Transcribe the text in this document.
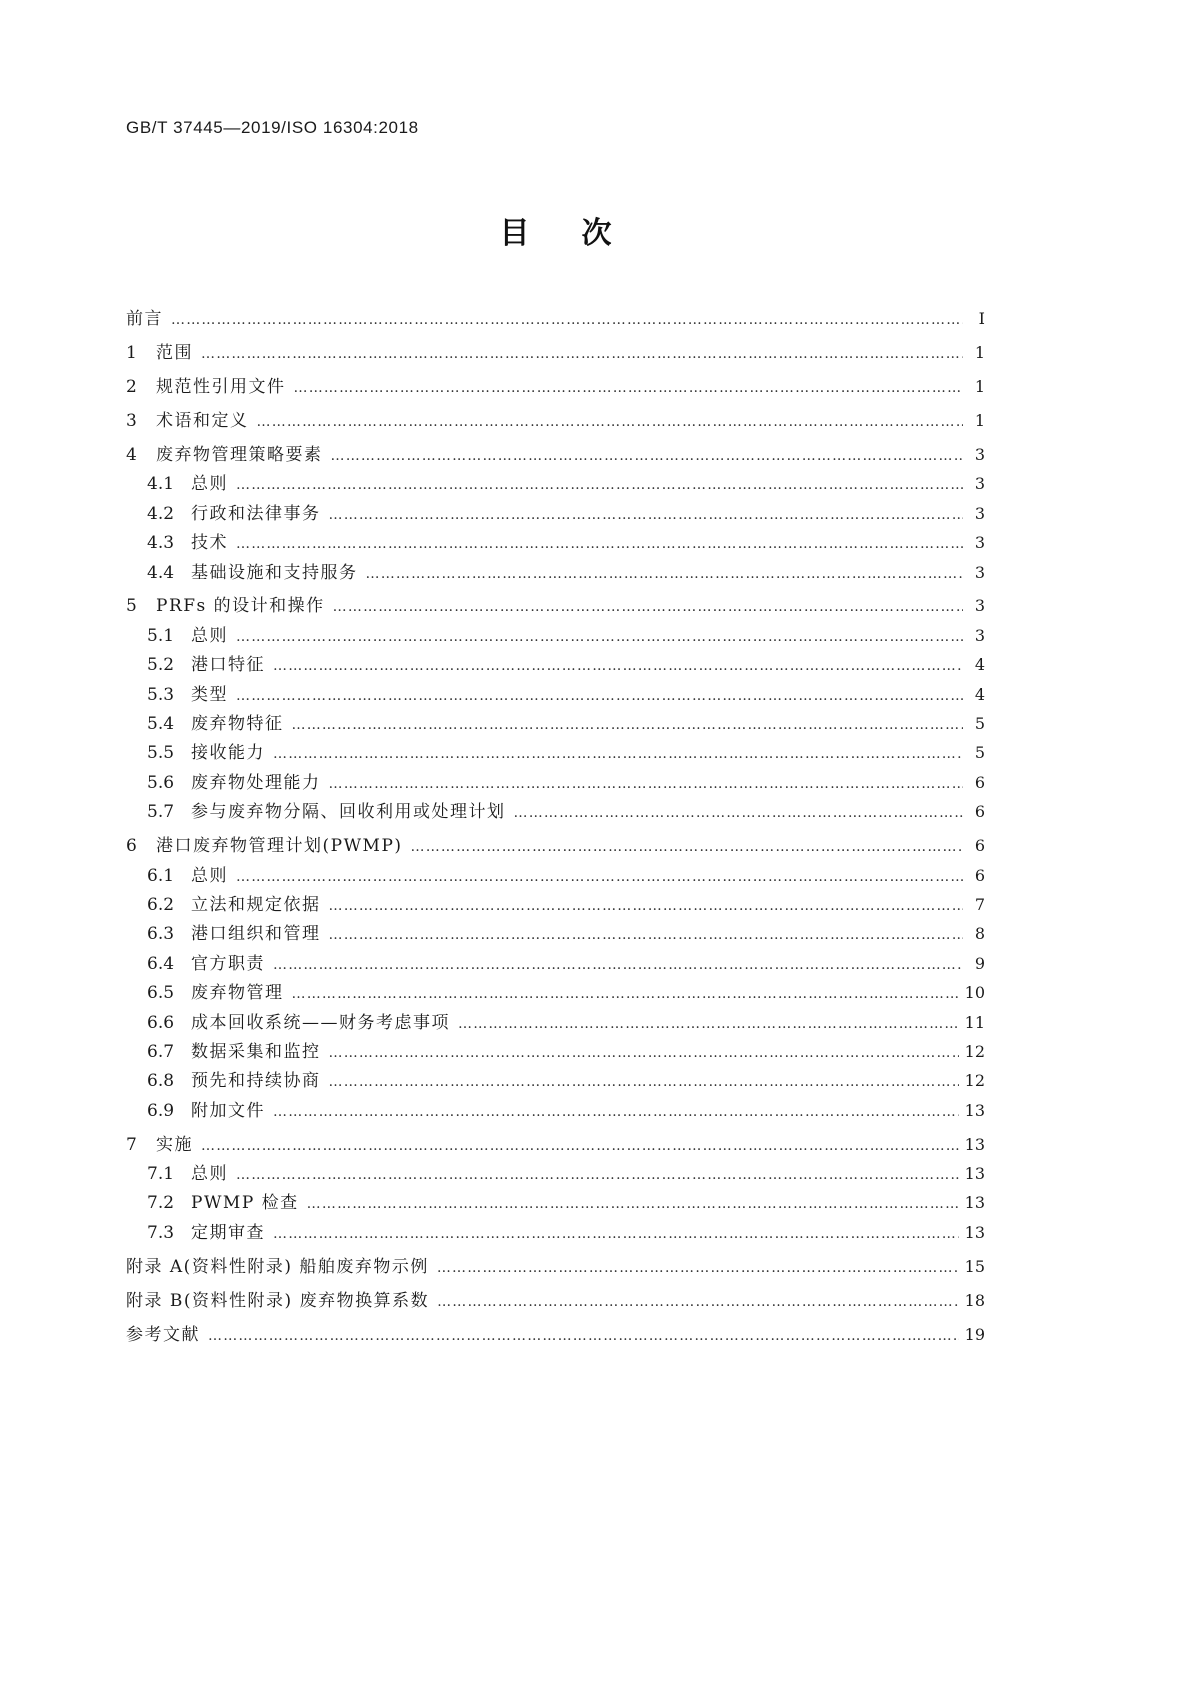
GB/T 37445—2019/ISO 16304:2018
目 次
前言 …………………………………………………………………………………………………………………………………………………………………………………………………………………………………………………………………………	Ⅰ
1	范围 …………………………………………………………………………………………………………………………………………………………………………………………………………………………………………………………………………	1
2	规范性引用文件 …………………………………………………………………………………………………………………………………………………………………………………………………………………………………………………………………………	1
3	术语和定义 …………………………………………………………………………………………………………………………………………………………………………………………………………………………………………………………………………	1
4	废弃物管理策略要素 …………………………………………………………………………………………………………………………………………………………………………………………………………………………………………………………………………	3
4.1 总则 …………………………………………………………………………………………………………………………………………………………………………………………………………………………………………………………………………	3
4.2 行政和法律事务 …………………………………………………………………………………………………………………………………………………………………………………………………………………………………………………………………………	3
4.3 技术 …………………………………………………………………………………………………………………………………………………………………………………………………………………………………………………………………………	3
4.4 基础设施和支持服务 …………………………………………………………………………………………………………………………………………………………………………………………………………………………………………………………………………	3
5	PRFs 的设计和操作 …………………………………………………………………………………………………………………………………………………………………………………………………………………………………………………………………………	3
5.1 总则 …………………………………………………………………………………………………………………………………………………………………………………………………………………………………………………………………………	3
5.2 港口特征 …………………………………………………………………………………………………………………………………………………………………………………………………………………………………………………………………………	4
5.3 类型 …………………………………………………………………………………………………………………………………………………………………………………………………………………………………………………………………………	4
5.4 废弃物特征 …………………………………………………………………………………………………………………………………………………………………………………………………………………………………………………………………………	5
5.5 接收能力 …………………………………………………………………………………………………………………………………………………………………………………………………………………………………………………………………………	5
5.6 废弃物处理能力 …………………………………………………………………………………………………………………………………………………………………………………………………………………………………………………………………………	6
5.7 参与废弃物分隔、回收利用或处理计划 …………………………………………………………………………………………………………………………………………………………………………………………………………………………………………………………………………	6
6	港口废弃物管理计划(PWMP) …………………………………………………………………………………………………………………………………………………………………………………………………………………………………………………………………………	6
6.1 总则 …………………………………………………………………………………………………………………………………………………………………………………………………………………………………………………………………………	6
6.2 立法和规定依据 …………………………………………………………………………………………………………………………………………………………………………………………………………………………………………………………………………	7
6.3 港口组织和管理 …………………………………………………………………………………………………………………………………………………………………………………………………………………………………………………………………………	8
6.4 官方职责 …………………………………………………………………………………………………………………………………………………………………………………………………………………………………………………………………………	9
6.5 废弃物管理 …………………………………………………………………………………………………………………………………………………………………………………………………………………………………………………………………………	10
6.6 成本回收系统——财务考虑事项 …………………………………………………………………………………………………………………………………………………………………………………………………………………………………………………………………………	11
6.7 数据采集和监控 …………………………………………………………………………………………………………………………………………………………………………………………………………………………………………………………………………	12
6.8 预先和持续协商 …………………………………………………………………………………………………………………………………………………………………………………………………………………………………………………………………………	12
6.9 附加文件 …………………………………………………………………………………………………………………………………………………………………………………………………………………………………………………………………………	13
7	实施 …………………………………………………………………………………………………………………………………………………………………………………………………………………………………………………………………………	13
7.1 总则 …………………………………………………………………………………………………………………………………………………………………………………………………………………………………………………………………………	13
7.2 PWMP 检查 …………………………………………………………………………………………………………………………………………………………………………………………………………………………………………………………………………	13
7.3 定期审查 …………………………………………………………………………………………………………………………………………………………………………………………………………………………………………………………………………	13
附录 A(资料性附录) 船舶废弃物示例 …………………………………………………………………………………………………………………………………………………………………………………………………………………………………………………………………………	15
附录 B(资料性附录) 废弃物换算系数 …………………………………………………………………………………………………………………………………………………………………………………………………………………………………………………………………………	18
参考文献 …………………………………………………………………………………………………………………………………………………………………………………………………………………………………………………………………………	19
